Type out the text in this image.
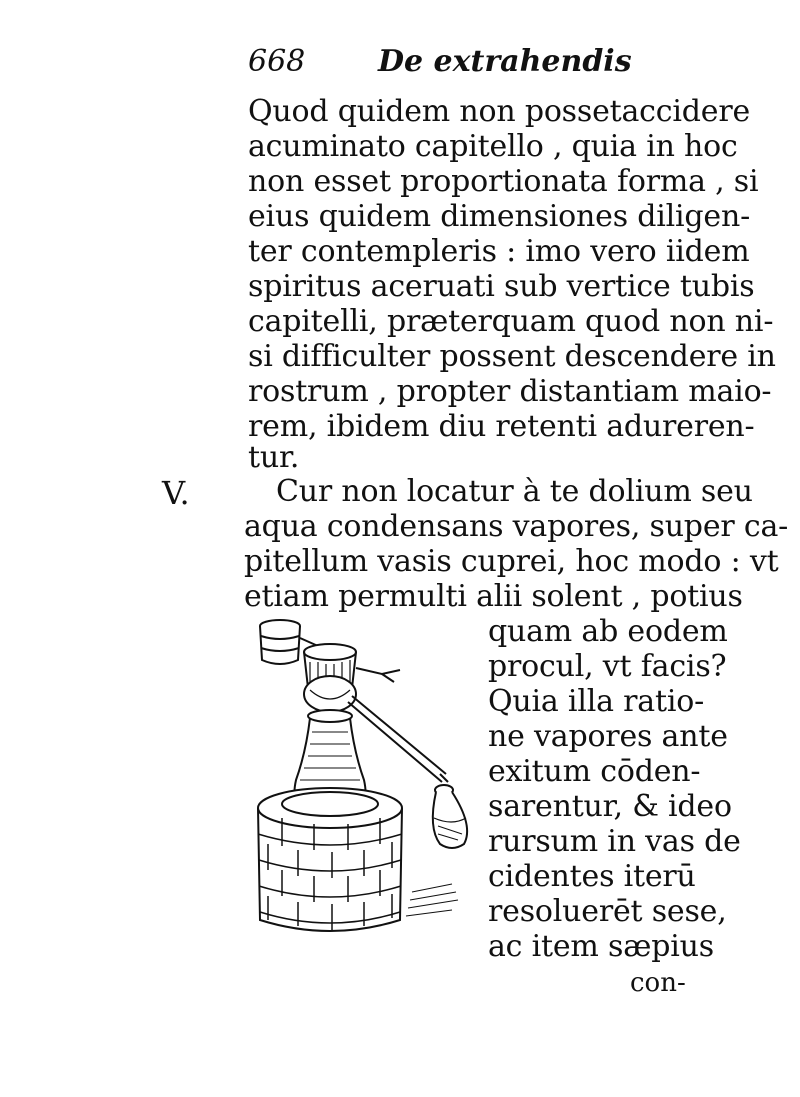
668 De extrahendis
Quod quidem non possetaccidere
acuminato capitello , quia in hoc
non esset proportionata forma , si
eius quidem dimensiones diligen-
ter contempleris : imo vero iidem
spiritus aceruati sub vertice tubis
capitelli, præterquam quod non ni-
si difficulter possent descendere in
rostrum , propter distantiam maio-
rem, ibidem diu retenti adureren-
tur.
V.	Cur non locatur à te dolium seu
aqua condensans vapores, super ca-
pitellum vasis cuprei, hoc modo : vt
etiam permulti alii solent , potius
quam ab eodem
procul, vt facis?
Quia illa ratio-
ne vapores ante
exitum cōden-
sarentur, & ideo
rursum in vas de
cidentes iterū
resoluerēt sese,
ac item sæpius
con-
